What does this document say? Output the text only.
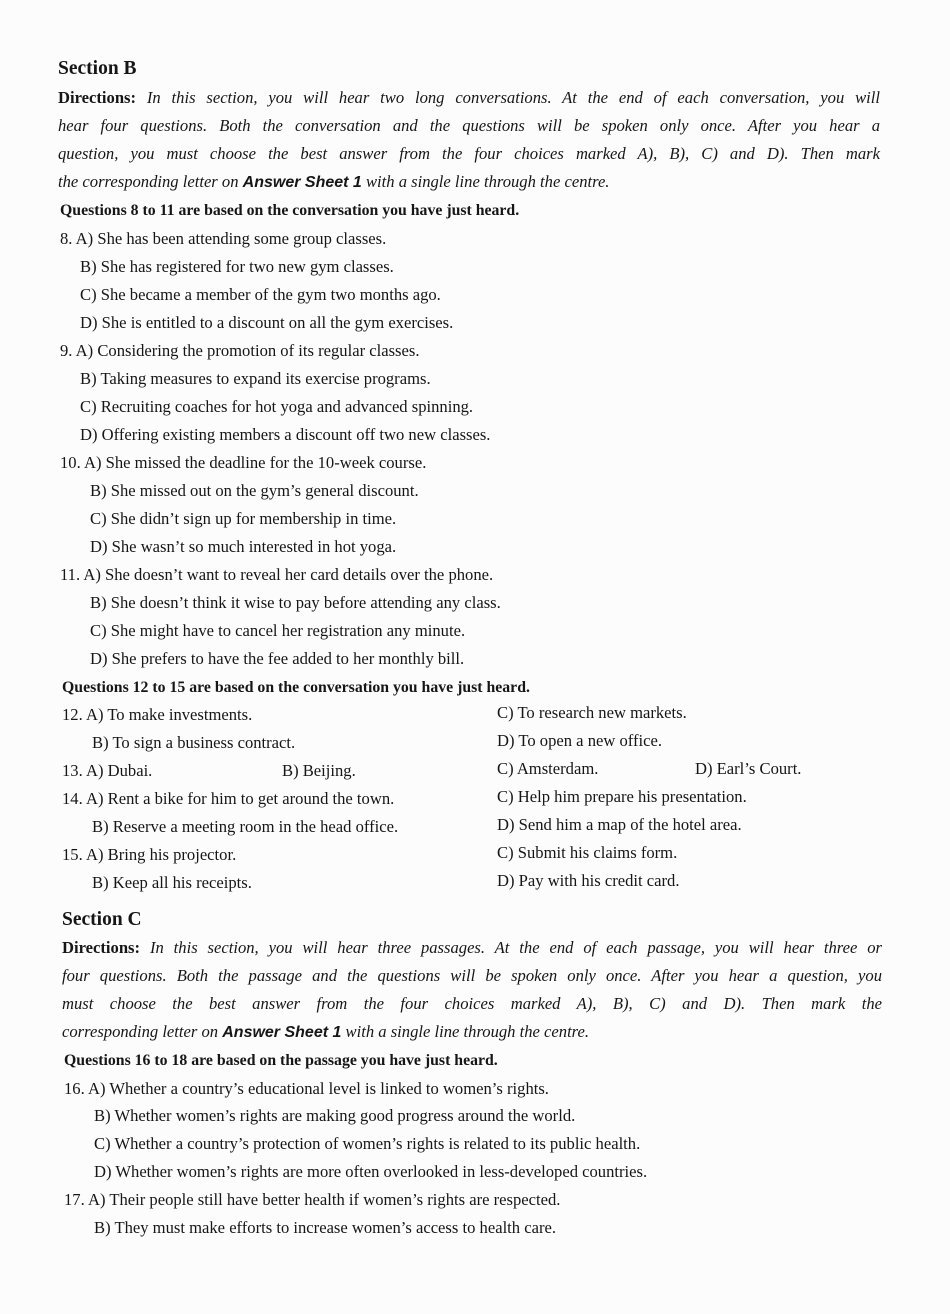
Section B
Directions: In this section, you will hear two long conversations. At the end of each conversation, you will
hear four questions. Both the conversation and the questions will be spoken only once. After you hear a
question, you must choose the best answer from the four choices marked A), B), C) and D). Then mark
the corresponding letter on Answer Sheet 1 with a single line through the centre.
Questions 8 to 11 are based on the conversation you have just heard.
8. A) She has been attending some group classes.
B) She has registered for two new gym classes.
C) She became a member of the gym two months ago.
D) She is entitled to a discount on all the gym exercises.
9. A) Considering the promotion of its regular classes.
B) Taking measures to expand its exercise programs.
C) Recruiting coaches for hot yoga and advanced spinning.
D) Offering existing members a discount off two new classes.
10. A) She missed the deadline for the 10-week course.
B) She missed out on the gym’s general discount.
C) She didn’t sign up for membership in time.
D) She wasn’t so much interested in hot yoga.
11. A) She doesn’t want to reveal her card details over the phone.
B) She doesn’t think it wise to pay before attending any class.
C) She might have to cancel her registration any minute.
D) She prefers to have the fee added to her monthly bill.
Questions 12 to 15 are based on the conversation you have just heard.
12. A) To make investments.	C) To research new markets.
B) To sign a business contract.	D) To open a new office.
13. A) Dubai.	B) Beijing.	C) Amsterdam.	D) Earl’s Court.
14. A) Rent a bike for him to get around the town.	C) Help him prepare his presentation.
B) Reserve a meeting room in the head office.	D) Send him a map of the hotel area.
15. A) Bring his projector.	C) Submit his claims form.
B) Keep all his receipts.	D) Pay with his credit card.
Section C
Directions: In this section, you will hear three passages. At the end of each passage, you will hear three or
four questions. Both the passage and the questions will be spoken only once. After you hear a question, you
must choose the best answer from the four choices marked A), B), C) and D). Then mark the
corresponding letter on Answer Sheet 1 with a single line through the centre.
Questions 16 to 18 are based on the passage you have just heard.
16. A) Whether a country’s educational level is linked to women’s rights.
B) Whether women’s rights are making good progress around the world.
C) Whether a country’s protection of women’s rights is related to its public health.
D) Whether women’s rights are more often overlooked in less-developed countries.
17. A) Their people still have better health if women’s rights are respected.
B) They must make efforts to increase women’s access to health care.
